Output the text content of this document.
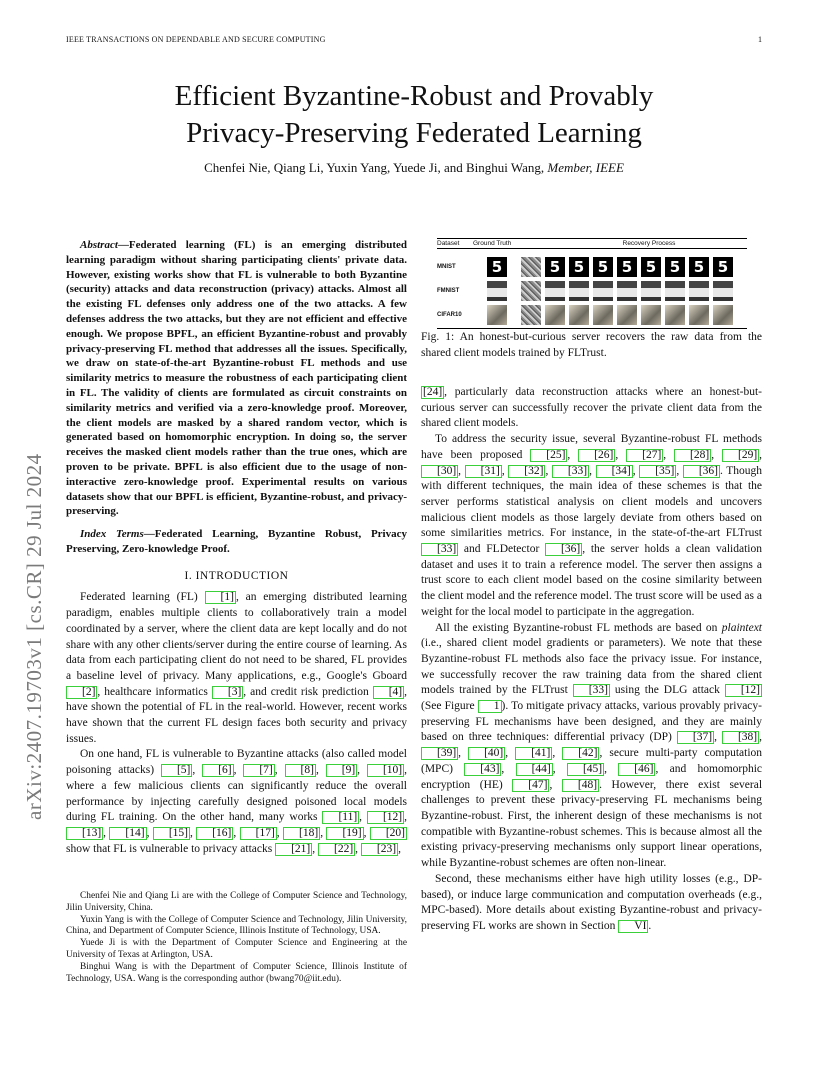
IEEE TRANSACTIONS ON DEPENDABLE AND SECURE COMPUTING	1
arXiv:2407.19703v1 [cs.CR] 29 Jul 2024
Efficient Byzantine-Robust and Provably Privacy-Preserving Federated Learning
Chenfei Nie, Qiang Li, Yuxin Yang, Yuede Ji, and Binghui Wang, Member, IEEE

Abstract—Federated learning (FL) is an emerging distributed learning paradigm without sharing participating clients' private data. However, existing works show that FL is vulnerable to both Byzantine (security) attacks and data reconstruction (privacy) attacks. Almost all the existing FL defenses only address one of the two attacks. A few defenses address the two attacks, but they are not efficient and effective enough. We propose BPFL, an efficient Byzantine-robust and provably privacy-preserving FL method that addresses all the issues. Specifically, we draw on state-of-the-art Byzantine-robust FL methods and use similarity metrics to measure the robustness of each participating client in FL. The validity of clients are formulated as circuit constraints on similarity metrics and verified via a zero-knowledge proof. Moreover, the client models are masked by a shared random vector, which is generated based on homomorphic encryption. In doing so, the server receives the masked client models rather than the true ones, which are proven to be private. BPFL is also efficient due to the usage of non-interactive zero-knowledge proof. Experimental results on various datasets show that our BPFL is efficient, Byzantine-robust, and privacy-preserving.

Index Terms—Federated Learning, Byzantine Robust, Privacy Preserving, Zero-knowledge Proof.

I. INTRODUCTION

Federated learning (FL) [1] , an emerging distributed learning paradigm, enables multiple clients to collaboratively train a model coordinated by a server, where the client data are kept locally and do not share with any other clients/server during the entire course of learning. As data from each participating client do not need to be shared, FL provides a baseline level of privacy. Many applications, e.g., Google's Gboard [2] , healthcare informatics [3] , and credit risk prediction [4] , have shown the potential of FL in the real-world. However, recent works have shown that the current FL design faces both security and privacy issues.

On one hand, FL is vulnerable to Byzantine attacks (also called model poisoning attacks) [5] , [6] , [7] , [8] , [9] , [10] , where a few malicious clients can significantly reduce the overall performance by injecting carefully designed poisoned local models during FL training. On the other hand, many works [11] , [12] , [13] , [14] , [15] , [16] , [17] , [18] , [19] , [20] show that FL is vulnerable to privacy attacks [21] , [22] , [23] ,

Chenfei Nie and Qiang Li are with the College of Computer Science and Technology, Jilin University, China.

Yuxin Yang is with the College of Computer Science and Technology, Jilin University, China, and Department of Computer Science, Illinois Institute of Technology, USA.

Yuede Ji is with the Department of Computer Science and Engineering at the University of Texas at Arlington, USA.

Binghui Wang is with the Department of Computer Science, Illinois Institute of Technology, USA. Wang is the corresponding author (bwang70@iit.edu).

Dataset	Ground Truth	Recovery Process
MNIST	5	5 5 5 5 5 5 5 5
FMNIST
CIFAR10
Fig. 1: An honest-but-curious server recovers the raw data from the shared client models trained by FLTrust.

[24] , particularly data reconstruction attacks where an honest-but-curious server can successfully recover the private client data from the shared client models.

To address the security issue, several Byzantine-robust FL methods have been proposed [25] , [26] , [27] , [28] , [29] , [30] , [31] , [32] , [33] , [34] , [35] , [36] . Though with different techniques, the main idea of these schemes is that the server performs statistical analysis on client models and uncovers malicious client models as those largely deviate from others based on some similarities metrics. For instance, in the state-of-the-art FLTrust [33] and FLDetector [36] , the server holds a clean validation dataset and uses it to train a reference model. The server then assigns a trust score to each client model based on the cosine similarity between the client model and the reference model. The trust score will be used as a weight for the local model to participate in the aggregation.

All the existing Byzantine-robust FL methods are based on plaintext (i.e., shared client model gradients or parameters). We note that these Byzantine-robust FL methods also face the privacy issue. For instance, we successfully recover the raw training data from the shared client models trained by the FLTrust [33] using the DLG attack [12] (See Figure 1 ). To mitigate privacy attacks, various provably privacy-preserving FL mechanisms have been designed, and they are mainly based on three techniques: differential privacy (DP) [37] , [38] , [39] , [40] , [41] , [42] , secure multi-party computation (MPC) [43] , [44] , [45] , [46] , and homomorphic encryption (HE) [47] , [48] . However, there exist several challenges to prevent these privacy-preserving FL mechanisms being Byzantine-robust. First, the inherent design of these mechanisms is not compatible with Byzantine-robust schemes. This is because almost all the existing privacy-preserving mechanisms only support linear operations, while Byzantine-robust schemes are often non-linear.

Second, these mechanisms either have high utility losses (e.g., DP-based), or induce large communication and computation overheads (e.g., MPC-based). More details about existing Byzantine-robust and privacy-preserving FL works are shown in Section VI .
